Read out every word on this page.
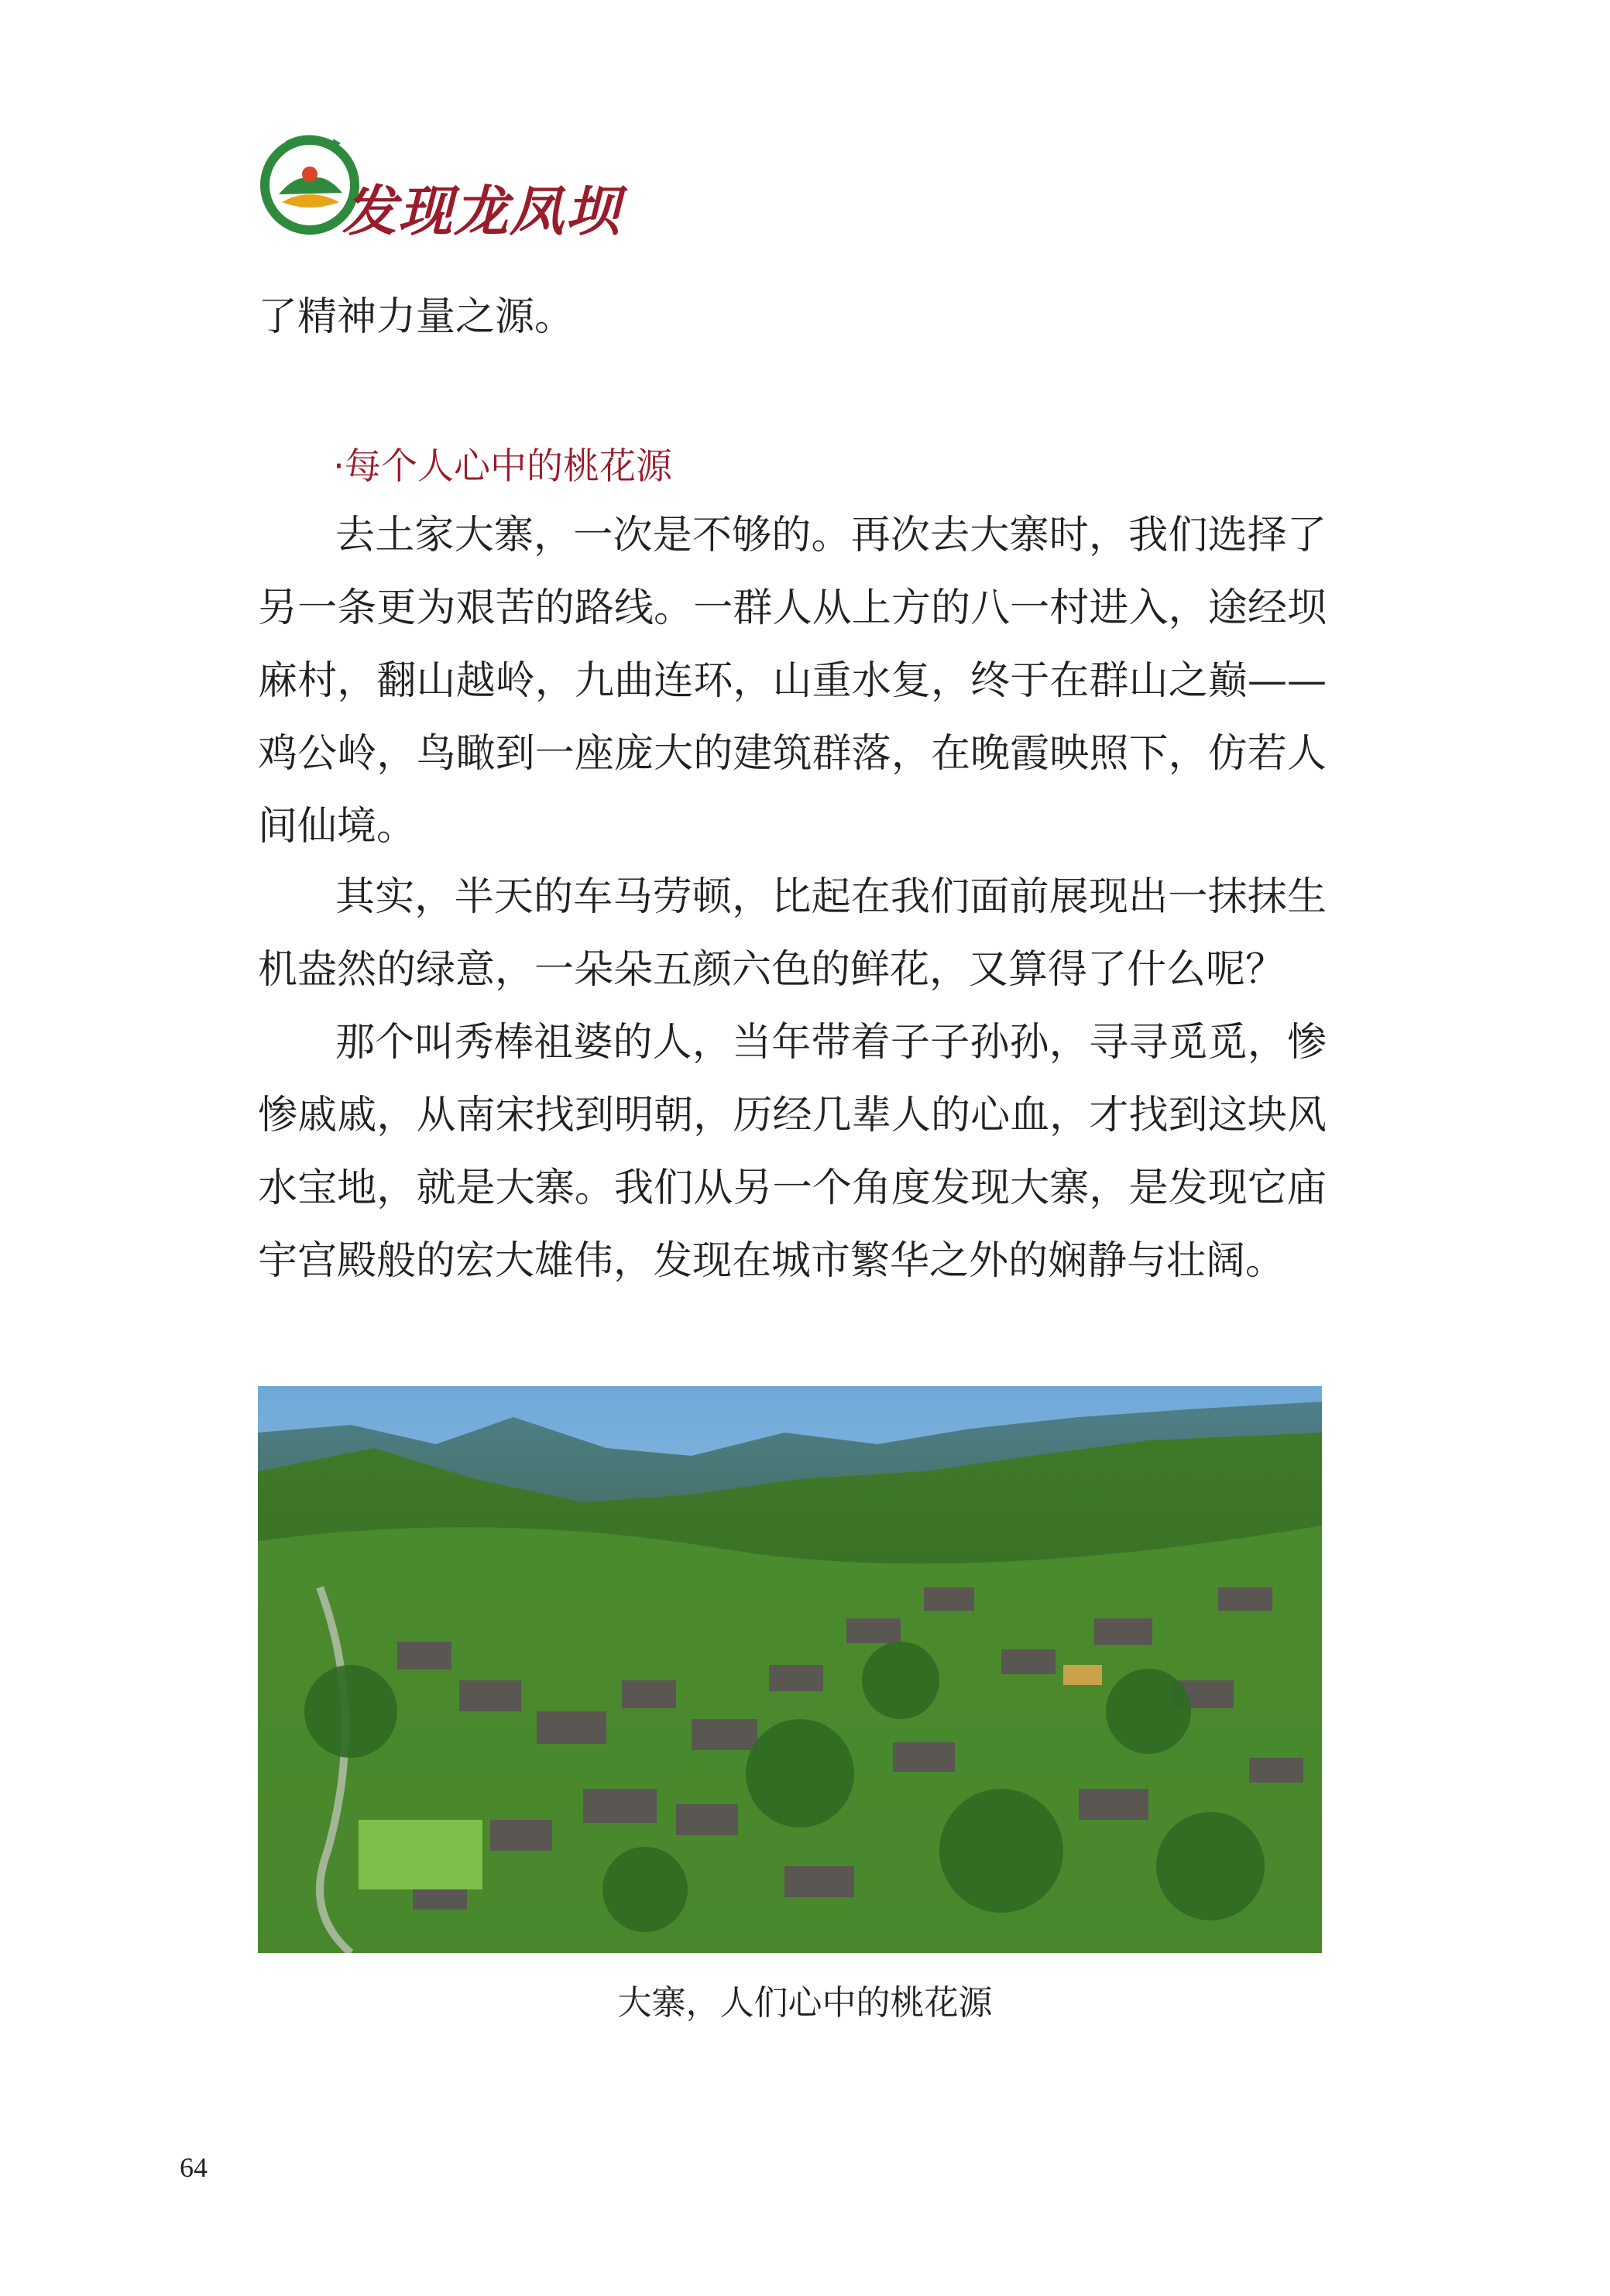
发现龙凤坝
了精神力量之源。
·每个人心中的桃花源
去土家大寨，一次是不够的。再次去大寨时，我们选择了另一条更为艰苦的路线。一群人从上方的八一村进入，途经坝麻村，翻山越岭，九曲连环，山重水复，终于在群山之巅——鸡公岭，鸟瞰到一座庞大的建筑群落，在晚霞映照下，仿若人间仙境。
其实，半天的车马劳顿，比起在我们面前展现出一抹抹生机盎然的绿意，一朵朵五颜六色的鲜花，又算得了什么呢？
那个叫秀棒祖婆的人，当年带着子子孙孙，寻寻觅觅，惨惨戚戚，从南宋找到明朝，历经几辈人的心血，才找到这块风水宝地，就是大寨。我们从另一个角度发现大寨，是发现它庙宇宫殿般的宏大雄伟，发现在城市繁华之外的娴静与壮阔。
大寨，人们心中的桃花源
64
